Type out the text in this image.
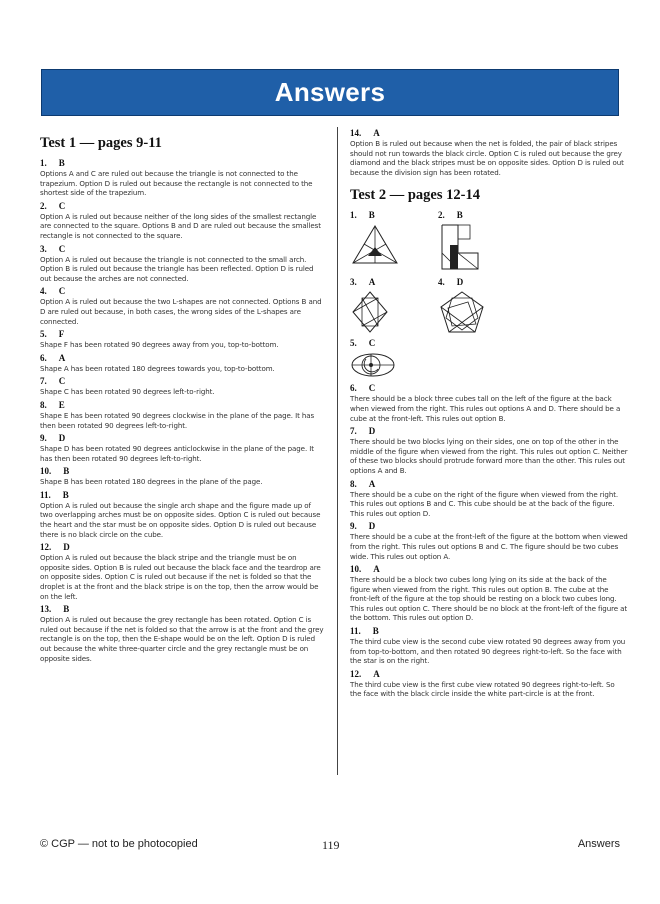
Answers
Test 1 — pages 9-11
1. B
Options A and C are ruled out because the triangle is not connected to the trapezium. Option D is ruled out because the rectangle is not connected to the shortest side of the trapezium.
2. C
Option A is ruled out because neither of the long sides of the smallest rectangle are connected to the square. Options B and D are ruled out because the smallest rectangle is not connected to the square.
3. C
Option A is ruled out because the triangle is not connected to the small arch. Option B is ruled out because the triangle has been reflected. Option D is ruled out because the arches are not connected.
4. C
Option A is ruled out because the two L-shapes are not connected. Options B and D are ruled out because, in both cases, the wrong sides of the L-shapes are connected.
5. F
Shape F has been rotated 90 degrees away from you, top-to-bottom.
6. A
Shape A has been rotated 180 degrees towards you, top-to-bottom.
7. C
Shape C has been rotated 90 degrees left-to-right.
8. E
Shape E has been rotated 90 degrees clockwise in the plane of the page. It has then been rotated 90 degrees left-to-right.
9. D
Shape D has been rotated 90 degrees anticlockwise in the plane of the page. It has then been rotated 90 degrees left-to-right.
10. B
Shape B has been rotated 180 degrees in the plane of the page.
11. B
Option A is ruled out because the single arch shape and the figure made up of two overlapping arches must be on opposite sides. Option C is ruled out because the heart and the star must be on opposite sides. Option D is ruled out because there is no black circle on the cube.
12. D
Option A is ruled out because the black stripe and the triangle must be on opposite sides. Option B is ruled out because the black face and the teardrop are on opposite sides. Option C is ruled out because if the net is folded so that the droplet is at the front and the black stripe is on the top, then the arrow would be on the left.
13. B
Option A is ruled out because the grey rectangle has been rotated. Option C is ruled out because if the net is folded so that the arrow is at the front and the grey rectangle is on the top, then the E-shape would be on the left. Option D is ruled out because the white three-quarter circle and the grey rectangle must be on opposite sides.
14. A
Option B is ruled out because when the net is folded, the pair of black stripes should not run towards the black circle. Option C is ruled out because the grey diamond and the black stripes must be on opposite sides. Option D is ruled out because the division sign has been rotated.
Test 2 — pages 12-14
1. B	2. B
3. A	4. D
5. C
6. C
There should be a block three cubes tall on the left of the figure at the back when viewed from the right. This rules out options A and D. There should be a cube at the front-left. This rules out option B.
7. D
There should be two blocks lying on their sides, one on top of the other in the middle of the figure when viewed from the right. This rules out option C. Neither of these two blocks should protrude forward more than the other. This rules out options A and B.
8. A
There should be a cube on the right of the figure when viewed from the right. This rules out options B and C. This cube should be at the back of the figure. This rules out option D.
9. D
There should be a cube at the front-left of the figure at the bottom when viewed from the right. This rules out options B and C. The figure should be two cubes wide. This rules out option A.
10. A
There should be a block two cubes long lying on its side at the back of the figure when viewed from the right. This rules out option B. The cube at the front-left of the figure at the top should be resting on a block two cubes long. This rules out option C. There should be no block at the front-left of the figure at the bottom. This rules out option D.
11. B
The third cube view is the second cube view rotated 90 degrees away from you from top-to-bottom, and then rotated 90 degrees right-to-left. So the face with the star is on the right.
12. A
The third cube view is the first cube view rotated 90 degrees right-to-left. So the face with the black circle inside the white part-circle is at the front.
© CGP — not to be photocopied	119	Answers
